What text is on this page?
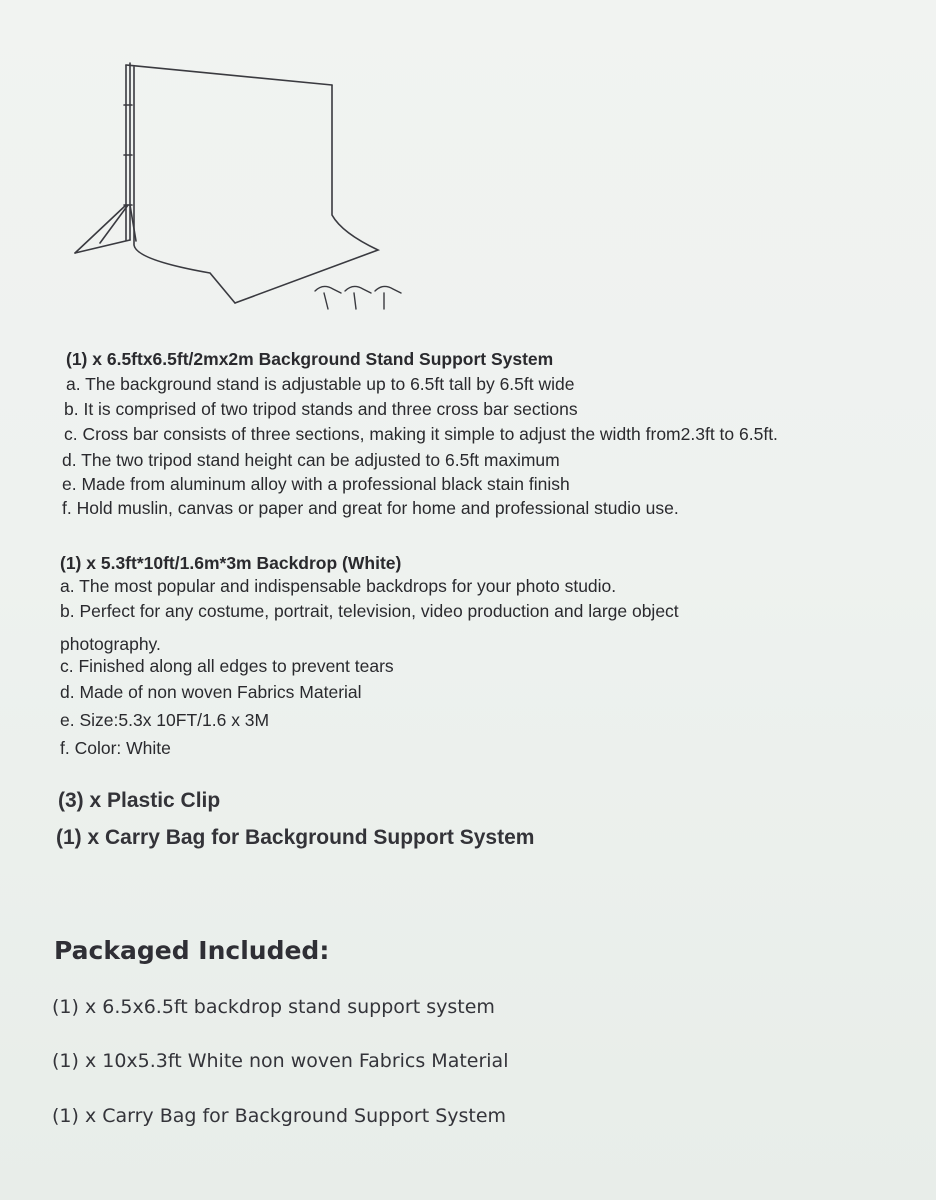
(1) x 6.5ftx6.5ft/2mx2m Background Stand Support System
a. The background stand is adjustable up to 6.5ft tall by 6.5ft wide
b. It is comprised of two tripod stands and three cross bar sections
c. Cross bar consists of three sections, making it simple to adjust the width from2.3ft to 6.5ft.
d. The two tripod stand height can be adjusted to 6.5ft maximum
e. Made from aluminum alloy with a professional black stain finish
f. Hold muslin, canvas or paper and great for home and professional studio use.
(1) x 5.3ft*10ft/1.6m*3m Backdrop (White)
a. The most popular and indispensable backdrops for your photo studio.
b. Perfect for any costume, portrait, television, video production and large object
photography.
c. Finished along all edges to prevent tears
d. Made of non woven Fabrics Material
e. Size:5.3x 10FT/1.6 x 3M
f. Color: White
(3) x Plastic Clip
(1) x Carry Bag for Background Support System
Packaged Included:
(1) x 6.5x6.5ft backdrop stand support system
(1) x 10x5.3ft White non woven Fabrics Material
(1) x Carry Bag for Background Support System
